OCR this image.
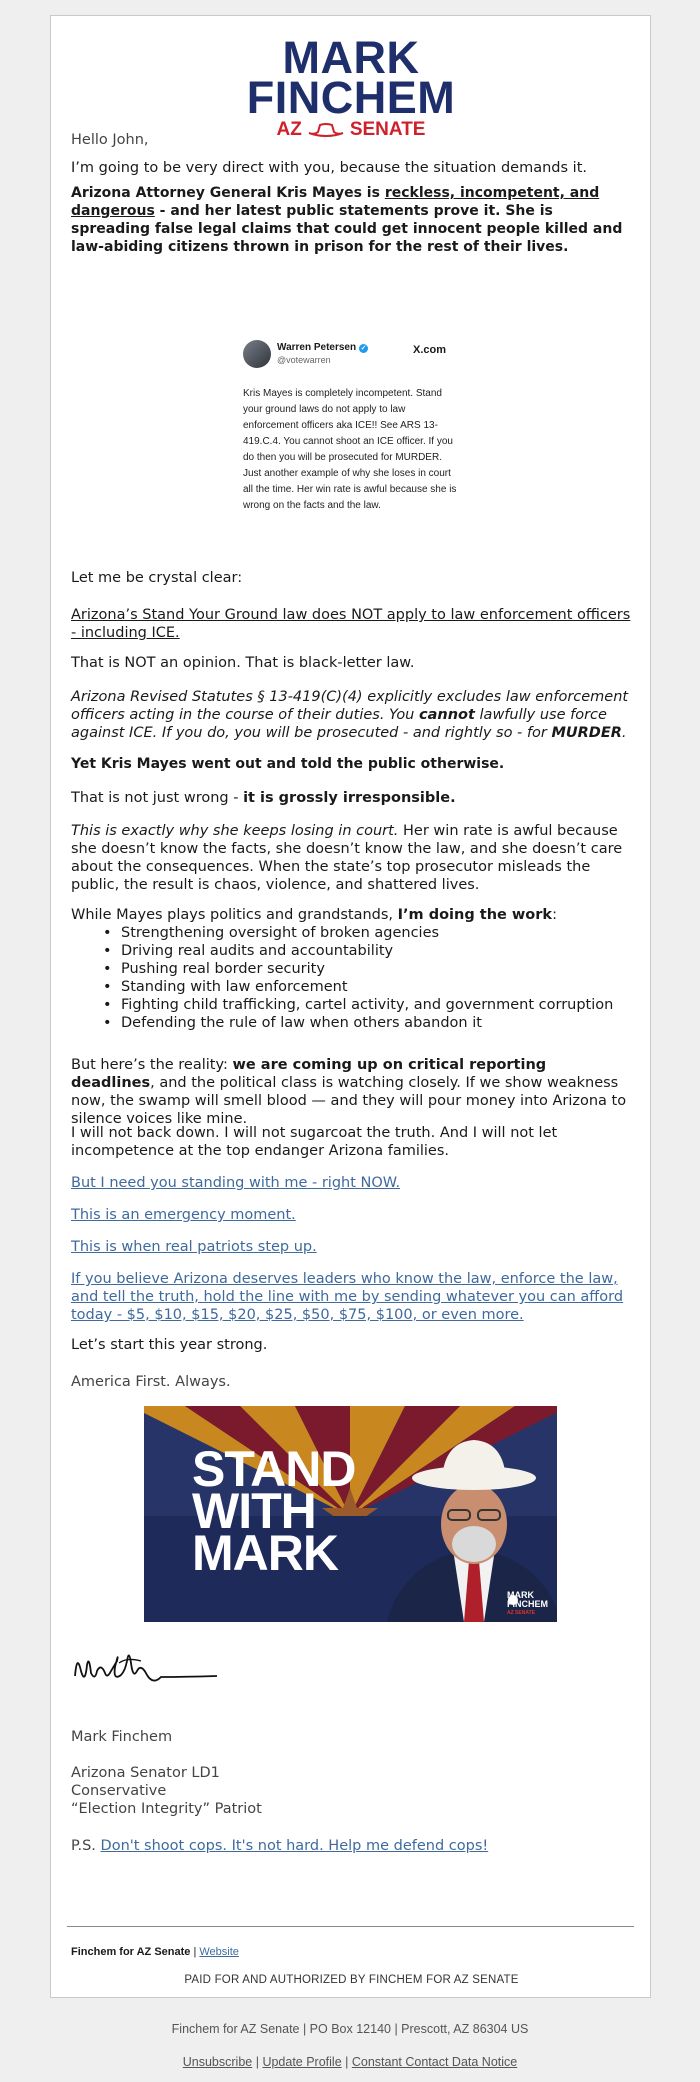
MARK
FINCHEM
AZ	SENATE
Hello John,
I’m going to be very direct with you, because the situation demands it.
Arizona Attorney General Kris Mayes is reckless, incompetent, and dangerous - and her latest public statements prove it. She is spreading false legal claims that could get innocent people killed and law-abiding citizens thrown in prison for the rest of their lives.
Warren Petersen ✓
@votewarren
X.com
Kris Mayes is completely incompetent. Stand your ground laws do not apply to law enforcement officers aka ICE!! See ARS 13-419.C.4. You cannot shoot an ICE officer. If you do then you will be prosecuted for MURDER. Just another example of why she loses in court all the time. Her win rate is awful because she is wrong on the facts and the law.
Let me be crystal clear:
Arizona’s Stand Your Ground law does NOT apply to law enforcement officers - including ICE.
That is NOT an opinion. That is black-letter law.
Arizona Revised Statutes § 13-419(C)(4) explicitly excludes law enforcement officers acting in the course of their duties. You cannot lawfully use force against ICE. If you do, you will be prosecuted - and rightly so - for MURDER.
Yet Kris Mayes went out and told the public otherwise.
That is not just wrong - it is grossly irresponsible.
This is exactly why she keeps losing in court. Her win rate is awful because she doesn’t know the facts, she doesn’t know the law, and she doesn’t care about the consequences. When the state’s top prosecutor misleads the public, the result is chaos, violence, and shattered lives.
While Mayes plays politics and grandstands, I’m doing the work:
• Strengthening oversight of broken agencies
• Driving real audits and accountability
• Pushing real border security
• Standing with law enforcement
• Fighting child trafficking, cartel activity, and government corruption
• Defending the rule of law when others abandon it
But here’s the reality: we are coming up on critical reporting deadlines, and the political class is watching closely. If we show weakness now, the swamp will smell blood — and they will pour money into Arizona to silence voices like mine.
I will not back down. I will not sugarcoat the truth. And I will not let incompetence at the top endanger Arizona families.
But I need you standing with me - right NOW.
This is an emergency moment.
This is when real patriots step up.
If you believe Arizona deserves leaders who know the law, enforce the law, and tell the truth, hold the line with me by sending whatever you can afford today - $5, $10, $15, $20, $25, $50, $75, $100, or even more.
Let’s start this year strong.
America First. Always.
STAND
WITH
MARK
MARK
FINCHEM
AZ SENATE
Mark Finchem
Arizona Senator LD1
Conservative
“Election Integrity” Patriot
P.S. Don't shoot cops. It's not hard. Help me defend cops!
Finchem for AZ Senate | Website
PAID FOR AND AUTHORIZED BY FINCHEM FOR AZ SENATE
Finchem for AZ Senate | PO Box 12140 | Prescott, AZ 86304 US
Unsubscribe | Update Profile | Constant Contact Data Notice
